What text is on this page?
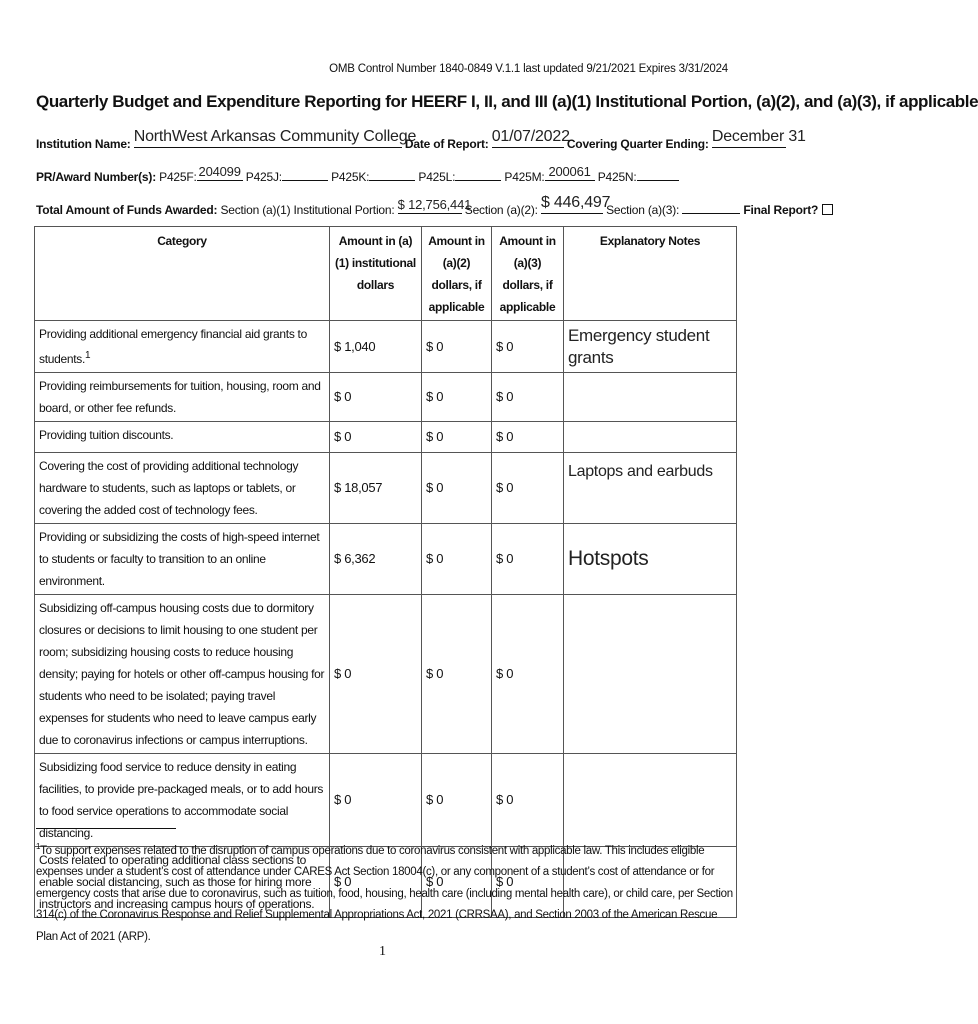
OMB Control Number 1840-0849 V.1.1 last updated 9/21/2021 Expires 3/31/2024
Quarterly Budget and Expenditure Reporting for HEERF I, II, and III (a)(1) Institutional Portion, (a)(2), and (a)(3), if applicable
Institution Name: NorthWest Arkansas Community College
Date of Report: 01/07/2022
Covering Quarter Ending: December 31
PR/Award Number(s): P425F: 204099 P425J:	P425K:	P425L:	P425M: 200061 P425N:
Total Amount of Funds Awarded: Section (a)(1) Institutional Portion: $ 12,756,441
Section (a)(2): $ 446,497
Section (a)(3):	Final Report?
Category	Amount in (a)(1) institutional dollars	Amount in (a)(2) dollars, if applicable	Amount in (a)(3) dollars, if applicable	Explanatory Notes
Providing additional emergency financial aid grants to students.$^1$	$ 1,040	$ 0	$ 0	Emergency student grants
Providing reimbursements for tuition, housing, room and board, or other fee refunds.	$ 0	$ 0	$ 0	
Providing tuition discounts.	$ 0	$ 0	$ 0	
Covering the cost of providing additional technology hardware to students, such as laptops or tablets, or covering the added cost of technology fees.	$ 18,057	$ 0	$ 0	Laptops and earbuds
Providing or subsidizing the costs of high-speed internet to students or faculty to transition to an online environment.	$ 6,362	$ 0	$ 0	Hotspots
Subsidizing off-campus housing costs due to dormitory closures or decisions to limit housing to one student per room; subsidizing housing costs to reduce housing density; paying for hotels or other off-campus housing for students who need to be isolated; paying travel expenses for students who need to leave campus early due to coronavirus infections or campus interruptions.	$ 0	$ 0	$ 0	
Subsidizing food service to reduce density in eating facilities, to provide pre-packaged meals, or to add hours to food service operations to accommodate social distancing.	$ 0	$ 0	$ 0	
Costs related to operating additional class sections to enable social distancing, such as those for hiring more instructors and increasing campus hours of operations.	$ 0	$ 0	$ 0	
$^1$To support expenses related to the disruption of campus operations due to coronavirus consistent with applicable law. This includes eligible expenses under a student’s cost of attendance under CARES Act Section 18004(c), or any component of a student’s cost of attendance or for emergency costs that arise due to coronavirus, such as tuition, food, housing, health care (including mental health care), or child care, per Section 314(c) of the Coronavirus Response and Relief Supplemental Appropriations Act, 2021 (CRRSAA), and Section 2003 of the American Rescue Plan Act of 2021 (ARP).
1
